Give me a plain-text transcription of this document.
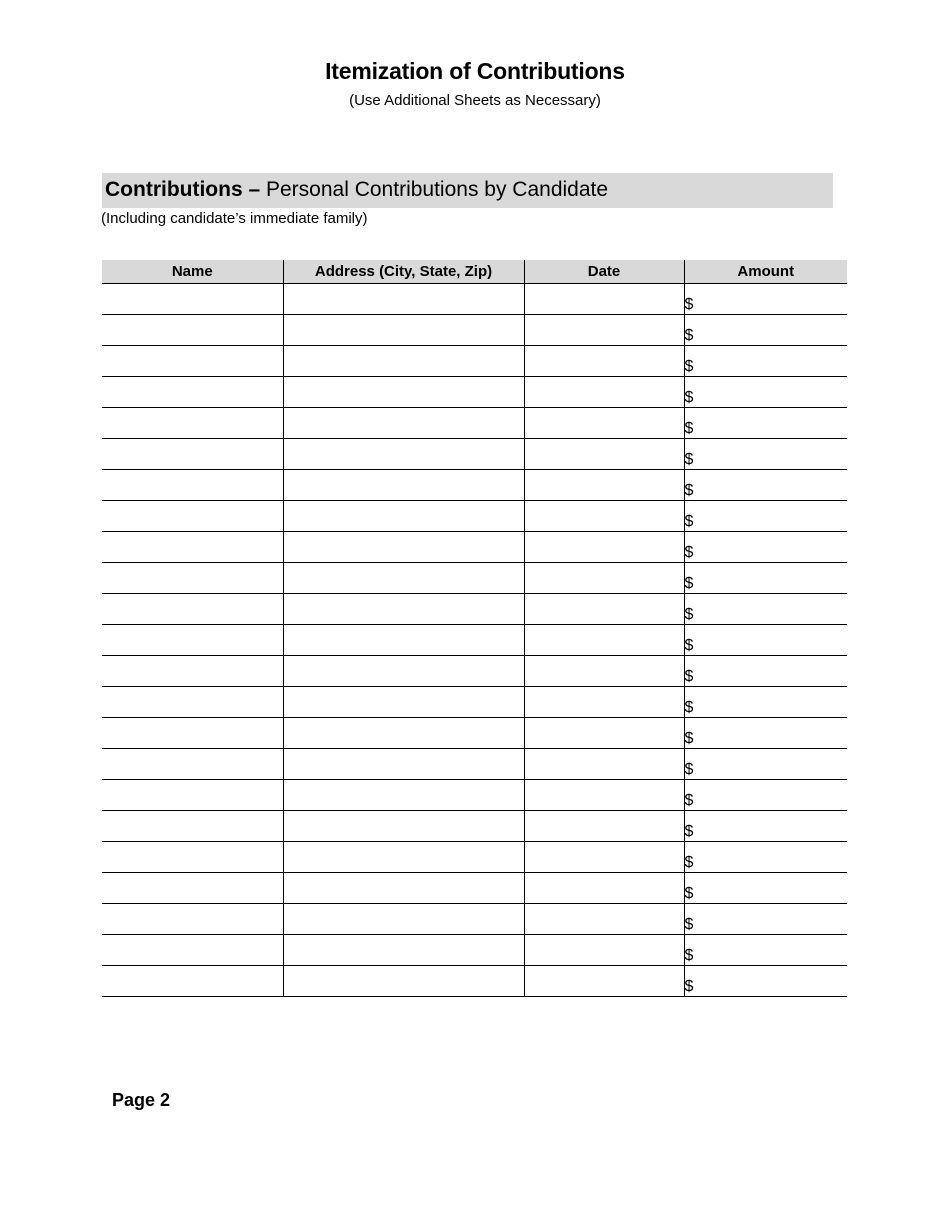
Itemization of Contributions
(Use Additional Sheets as Necessary)
Contributions – Personal Contributions by Candidate
(Including candidate’s immediate family)
Name	Address (City, State, Zip)	Date	Amount
			$
			$
			$
			$
			$
			$
			$
			$
			$
			$
			$
			$
			$
			$
			$
			$
			$
			$
			$
			$
			$
			$
			$
Page 2
